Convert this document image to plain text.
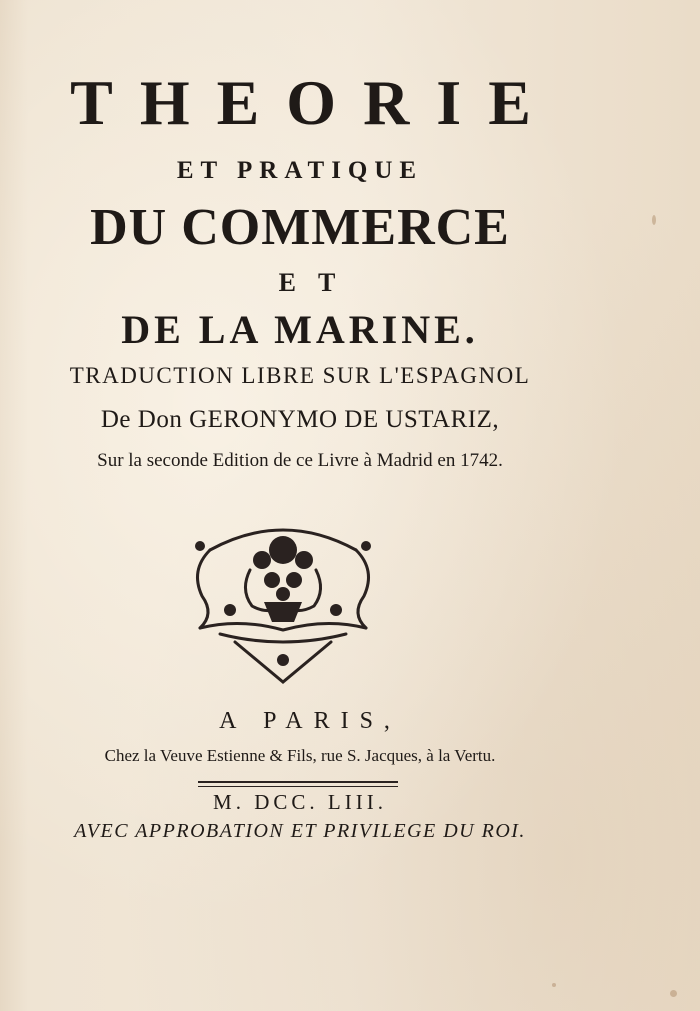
THEORIE
ET PRATIQUE
DU COMMERCE
ET
DE LA MARINE.
TRADUCTION LIBRE SUR L'ESPAGNOL
De Don GERONYMO DE USTARIZ,
Sur la seconde Edition de ce Livre à Madrid en 1742.
A PARIS,
Chez la Veuve Estienne & Fils, rue S. Jacques, à la Vertu.
M. DCC. LIII.
AVEC APPROBATION ET PRIVILEGE DU ROI.
